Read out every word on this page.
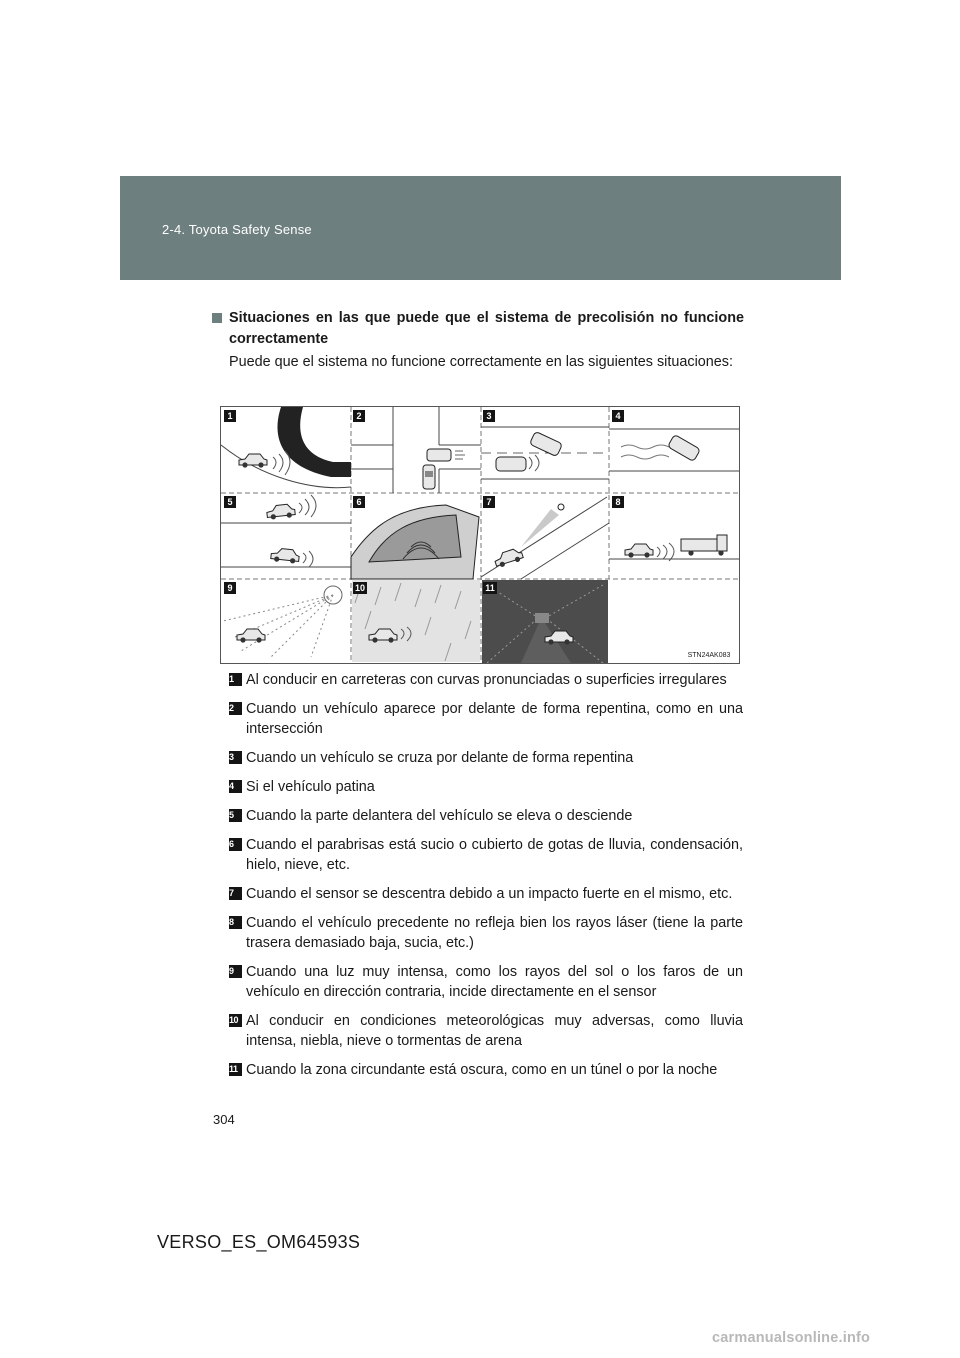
2-4. Toyota Safety Sense
Situaciones en las que puede que el sistema de precolisión no funcione correctamente

Puede que el sistema no funcione correctamente en las siguientes situaciones:

1	2	3	4
5	6	7	8
9	10	11
STN24AK083
1 Al conducir en carreteras con curvas pronunciadas o superficies irregulares
2 Cuando un vehículo aparece por delante de forma repentina, como en una intersección
3 Cuando un vehículo se cruza por delante de forma repentina
4 Si el vehículo patina
5 Cuando la parte delantera del vehículo se eleva o desciende
6 Cuando el parabrisas está sucio o cubierto de gotas de lluvia, condensación, hielo, nieve, etc.
7 Cuando el sensor se descentra debido a un impacto fuerte en el mismo, etc.
8 Cuando el vehículo precedente no refleja bien los rayos láser (tiene la parte trasera demasiado baja, sucia, etc.)
9 Cuando una luz muy intensa, como los rayos del sol o los faros de un vehículo en dirección contraria, incide directamente en el sensor
10 Al conducir en condiciones meteorológicas muy adversas, como lluvia intensa, niebla, nieve o tormentas de arena
11 Cuando la zona circundante está oscura, como en un túnel o por la noche
304
VERSO_ES_OM64593S
carmanualsonline.info
